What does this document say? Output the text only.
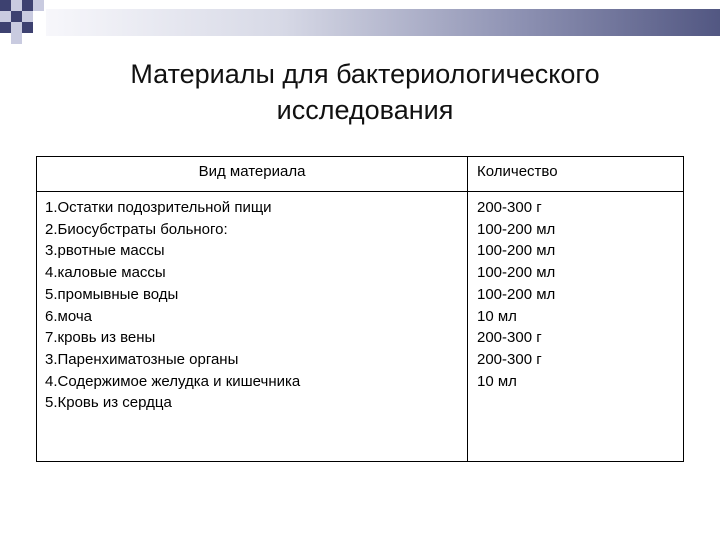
Материалы для бактериологического исследования
Вид материала	Количество
1.Остатки подозрительной пищи
2.Биосубстраты больного:
3.рвотные массы
4.каловые массы
5.промывные воды
6.моча
7.кровь из вены
3.Паренхиматозные органы
4.Содержимое желудка и кишечника
5.Кровь из сердца
200-300 г
100-200 мл
100-200 мл
100-200 мл
100-200 мл
10 мл
200-300 г
200-300 г
10 мл
